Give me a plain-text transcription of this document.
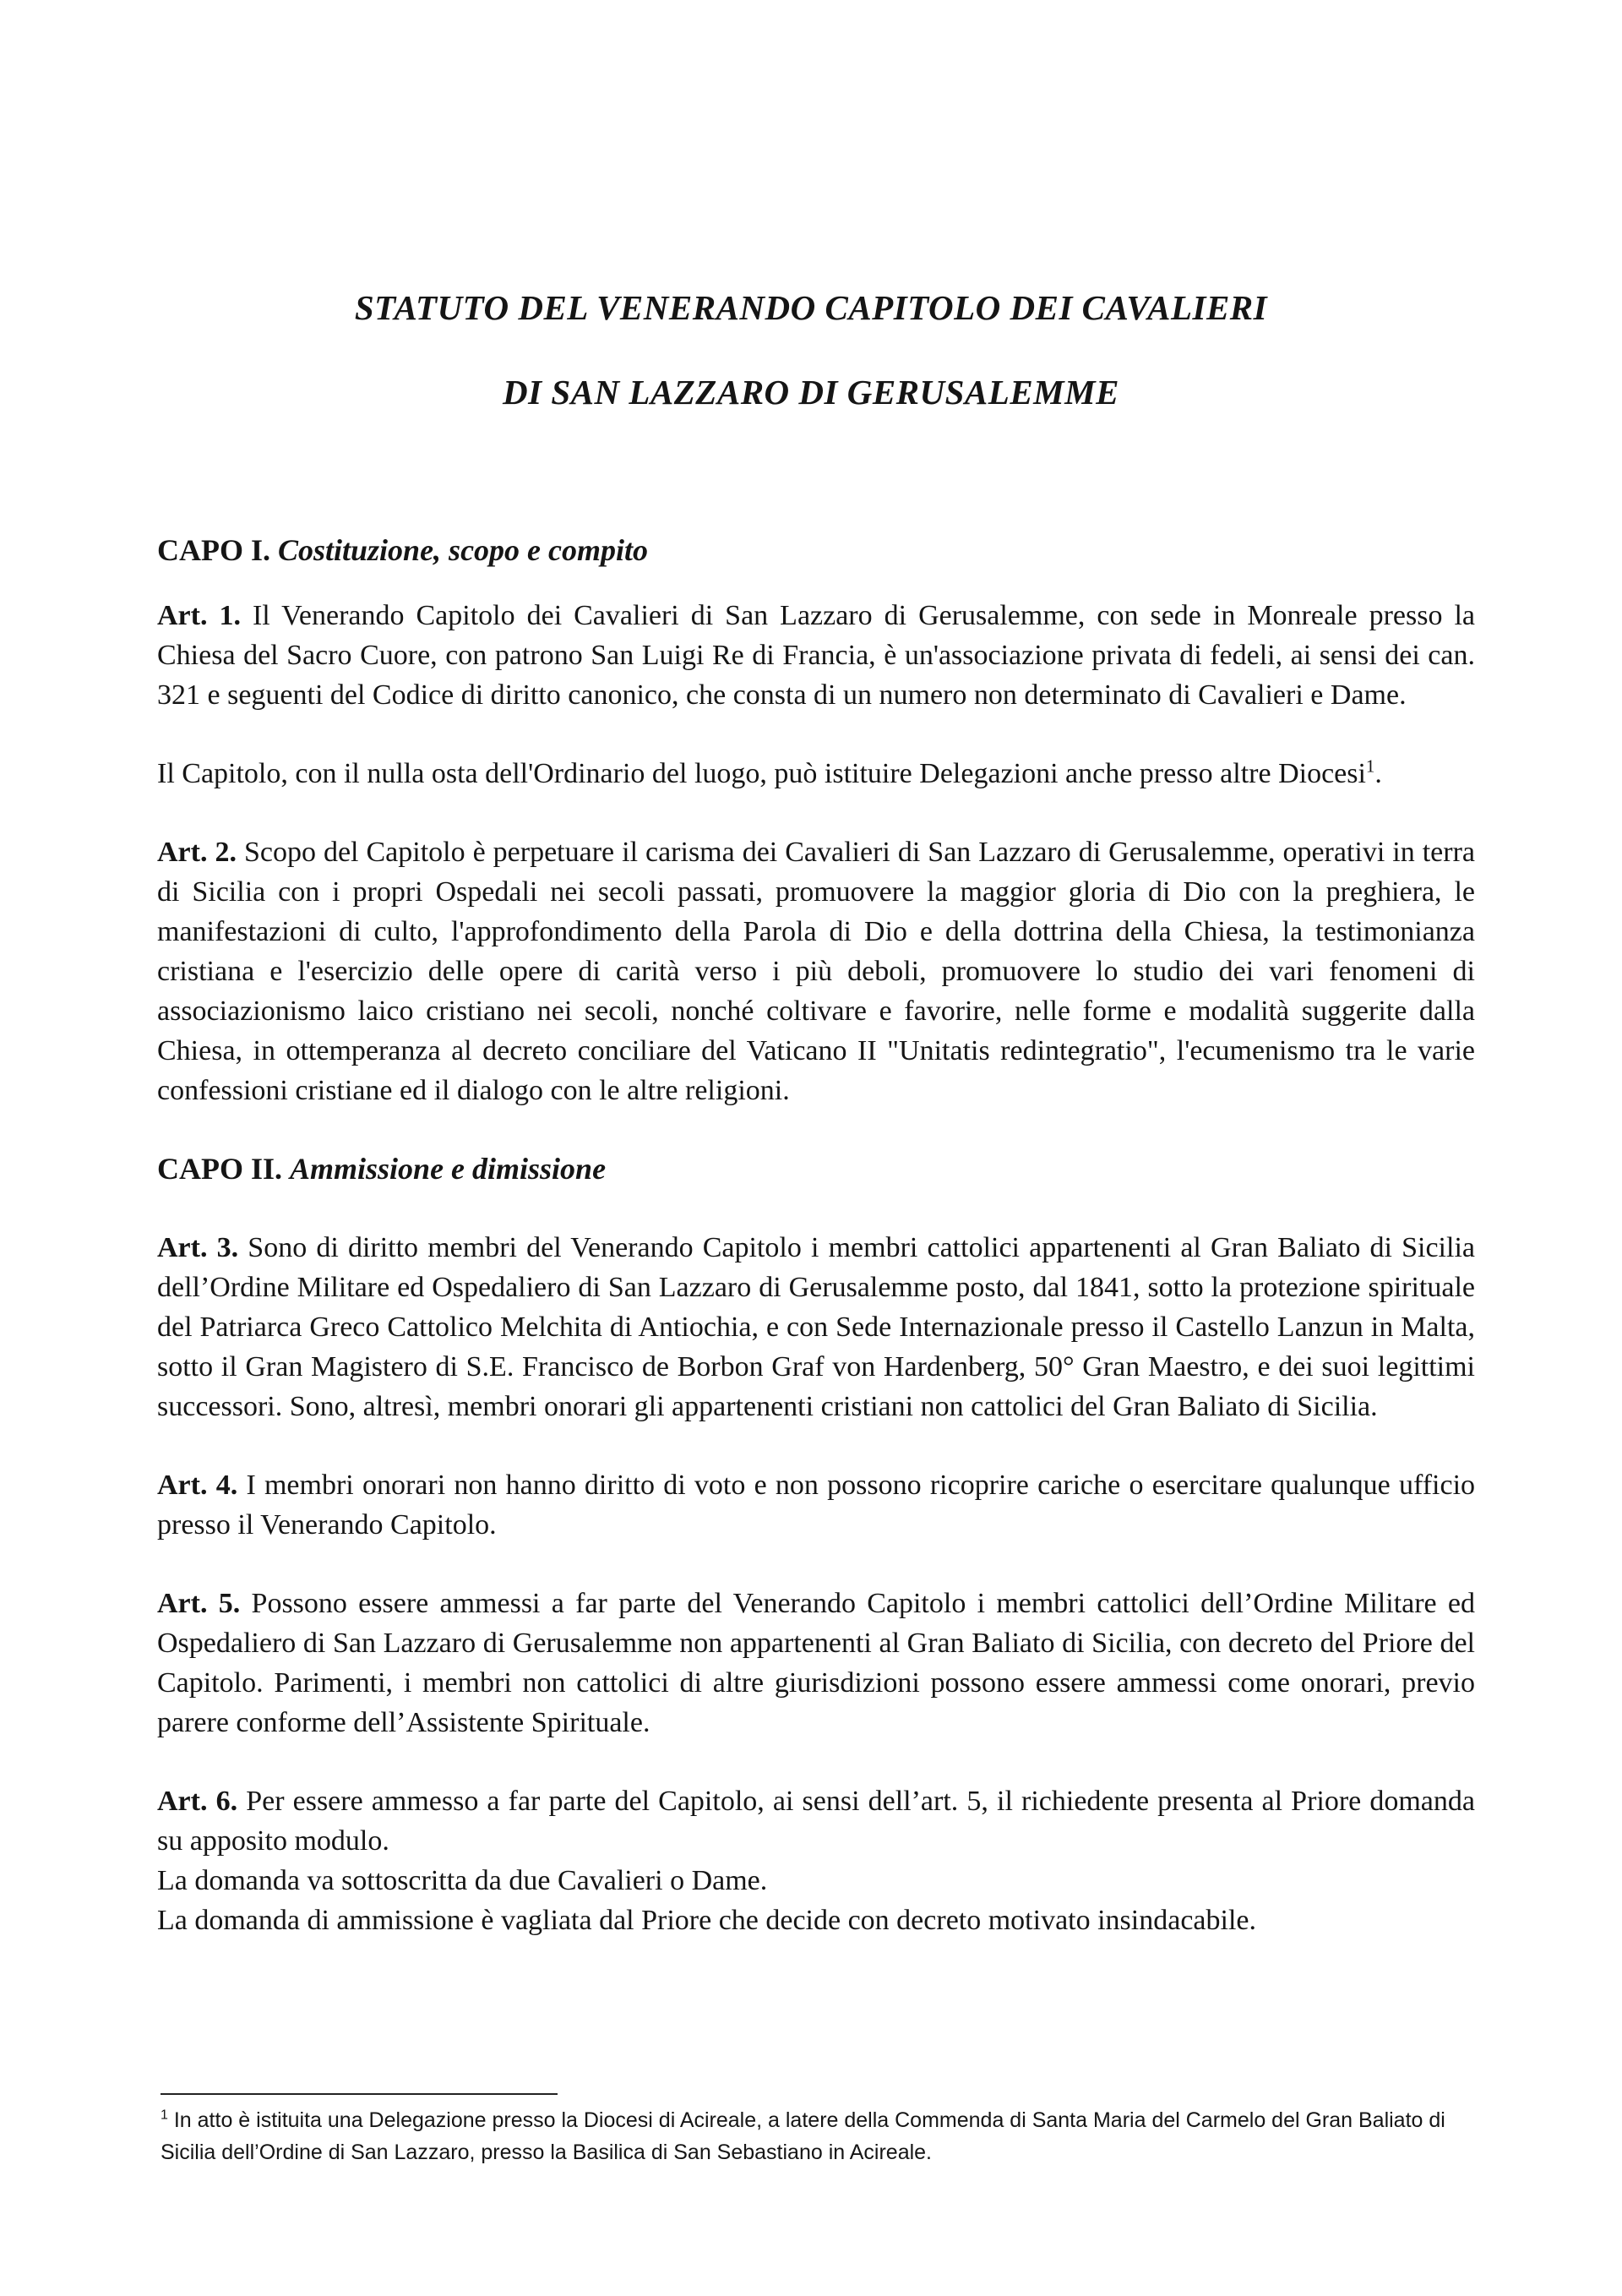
STATUTO DEL VENERANDO CAPITOLO DEI CAVALIERI
DI SAN LAZZARO DI GERUSALEMME

CAPO I. Costituzione, scopo e compito

Art. 1. Il Venerando Capitolo dei Cavalieri di San Lazzaro di Gerusalemme, con sede in Monreale presso la Chiesa del Sacro Cuore, con patrono San Luigi Re di Francia, è un'associazione privata di fedeli, ai sensi dei can. 321 e seguenti del Codice di diritto canonico, che consta di un numero non determinato di Cavalieri e Dame.

Il Capitolo, con il nulla osta dell'Ordinario del luogo, può istituire Delegazioni anche presso altre Diocesi$^1$.

Art. 2. Scopo del Capitolo è perpetuare il carisma dei Cavalieri di San Lazzaro di Gerusalemme, operativi in terra di Sicilia con i propri Ospedali nei secoli passati, promuovere la maggior gloria di Dio con la preghiera, le manifestazioni di culto, l'approfondimento della Parola di Dio e della dottrina della Chiesa, la testimonianza cristiana e l'esercizio delle opere di carità verso i più deboli, promuovere lo studio dei vari fenomeni di associazionismo laico cristiano nei secoli, nonché coltivare e favorire, nelle forme e modalità suggerite dalla Chiesa, in ottemperanza al decreto conciliare del Vaticano II "Unitatis redintegratio", l'ecumenismo tra le varie confessioni cristiane ed il dialogo con le altre religioni.

CAPO II. Ammissione e dimissione

Art. 3. Sono di diritto membri del Venerando Capitolo i membri cattolici appartenenti al Gran Baliato di Sicilia dell’Ordine Militare ed Ospedaliero di San Lazzaro di Gerusalemme posto, dal 1841, sotto la protezione spirituale del Patriarca Greco Cattolico Melchita di Antiochia, e con Sede Internazionale presso il Castello Lanzun in Malta, sotto il Gran Magistero di S.E. Francisco de Borbon Graf von Hardenberg, 50° Gran Maestro, e dei suoi legittimi successori. Sono, altresì, membri onorari gli appartenenti cristiani non cattolici del Gran Baliato di Sicilia.

Art. 4. I membri onorari non hanno diritto di voto e non possono ricoprire cariche o esercitare qualunque ufficio presso il Venerando Capitolo.

Art. 5. Possono essere ammessi a far parte del Venerando Capitolo i membri cattolici dell’Ordine Militare ed Ospedaliero di San Lazzaro di Gerusalemme non appartenenti al Gran Baliato di Sicilia, con decreto del Priore del Capitolo. Parimenti, i membri non cattolici di altre giurisdizioni possono essere ammessi come onorari, previo parere conforme dell’Assistente Spirituale.

Art. 6. Per essere ammesso a far parte del Capitolo, ai sensi dell’art. 5, il richiedente presenta al Priore domanda su apposito modulo.

La domanda va sottoscritta da due Cavalieri o Dame.

La domanda di ammissione è vagliata dal Priore che decide con decreto motivato insindacabile.

$^1$ In atto è istituita una Delegazione presso la Diocesi di Acireale, a latere della Commenda di Santa Maria del Carmelo del Gran Baliato di Sicilia dell’Ordine di San Lazzaro, presso la Basilica di San Sebastiano in Acireale.
